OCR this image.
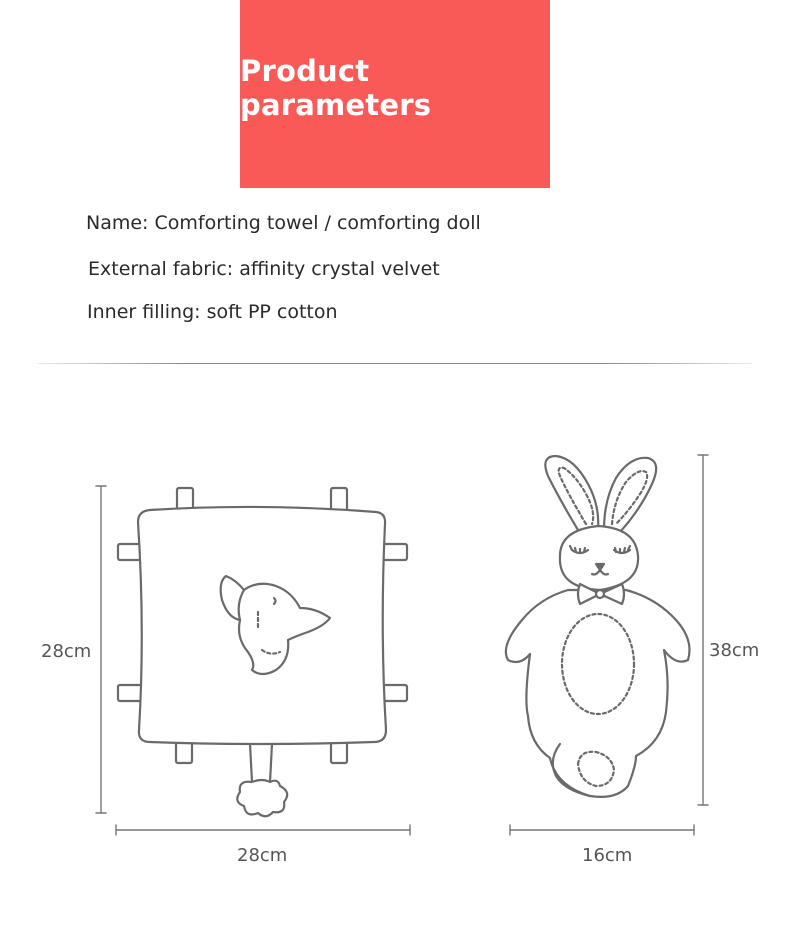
Product parameters
Name: Comforting towel / comforting doll
External fabric: affinity crystal velvet
Inner filling: soft PP cotton
28cm
28cm
38cm
16cm
